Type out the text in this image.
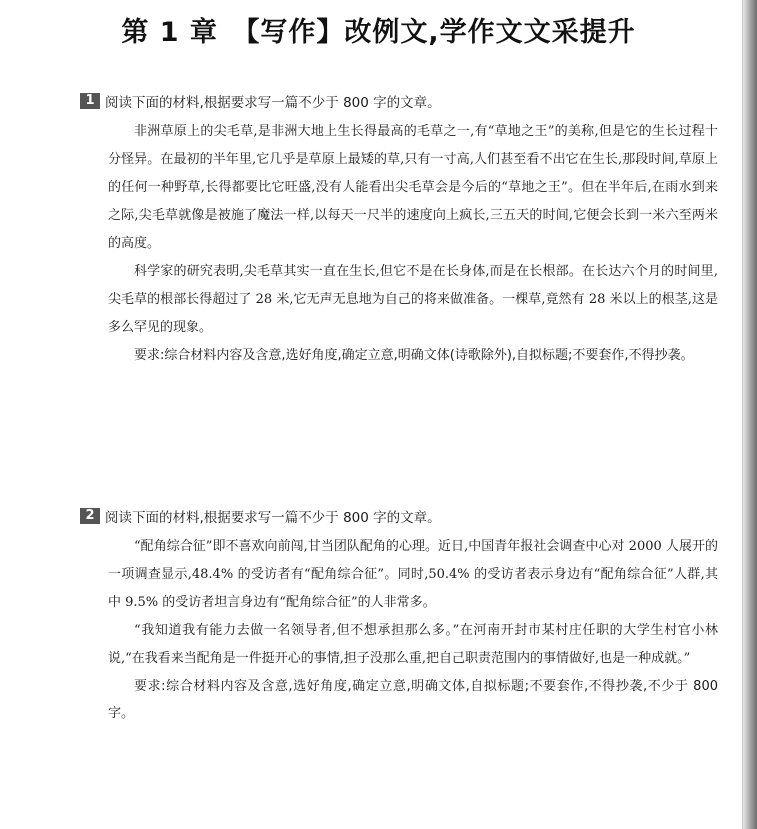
第 1 章　【写作】改例文,学作文文采提升
1 阅读下面的材料,根据要求写一篇不少于 800 字的文章。

非洲草原上的尖毛草,是非洲大地上生长得最高的毛草之一,有“草地之王”的美称,但是它的生长过程十分怪异。在最初的半年里,它几乎是草原上最矮的草,只有一寸高,人们甚至看不出它在生长,那段时间,草原上的任何一种野草,长得都要比它旺盛,没有人能看出尖毛草会是今后的“草地之王”。但在半年后,在雨水到来之际,尖毛草就像是被施了魔法一样,以每天一尺半的速度向上疯长,三五天的时间,它便会长到一米六至两米的高度。

科学家的研究表明,尖毛草其实一直在生长,但它不是在长身体,而是在长根部。在长达六个月的时间里,尖毛草的根部长得超过了 28 米,它无声无息地为自己的将来做准备。一棵草,竟然有 28 米以上的根茎,这是多么罕见的现象。

要求:综合材料内容及含意,选好角度,确定立意,明确文体(诗歌除外),自拟标题;不要套作,不得抄袭。

2 阅读下面的材料,根据要求写一篇不少于 800 字的文章。

“配角综合征”即不喜欢向前闯,甘当团队配角的心理。近日,中国青年报社会调查中心对 2000 人展开的一项调查显示,48.4% 的受访者有“配角综合征”。同时,50.4% 的受访者表示身边有“配角综合征”人群,其中 9.5% 的受访者坦言身边有“配角综合征”的人非常多。

“我知道我有能力去做一名领导者,但不想承担那么多。”在河南开封市某村庄任职的大学生村官小林说,“在我看来当配角是一件挺开心的事情,担子没那么重,把自己职责范围内的事情做好,也是一种成就。”

要求:综合材料内容及含意,选好角度,确定立意,明确文体,自拟标题;不要套作,不得抄袭,不少于 800 字。
